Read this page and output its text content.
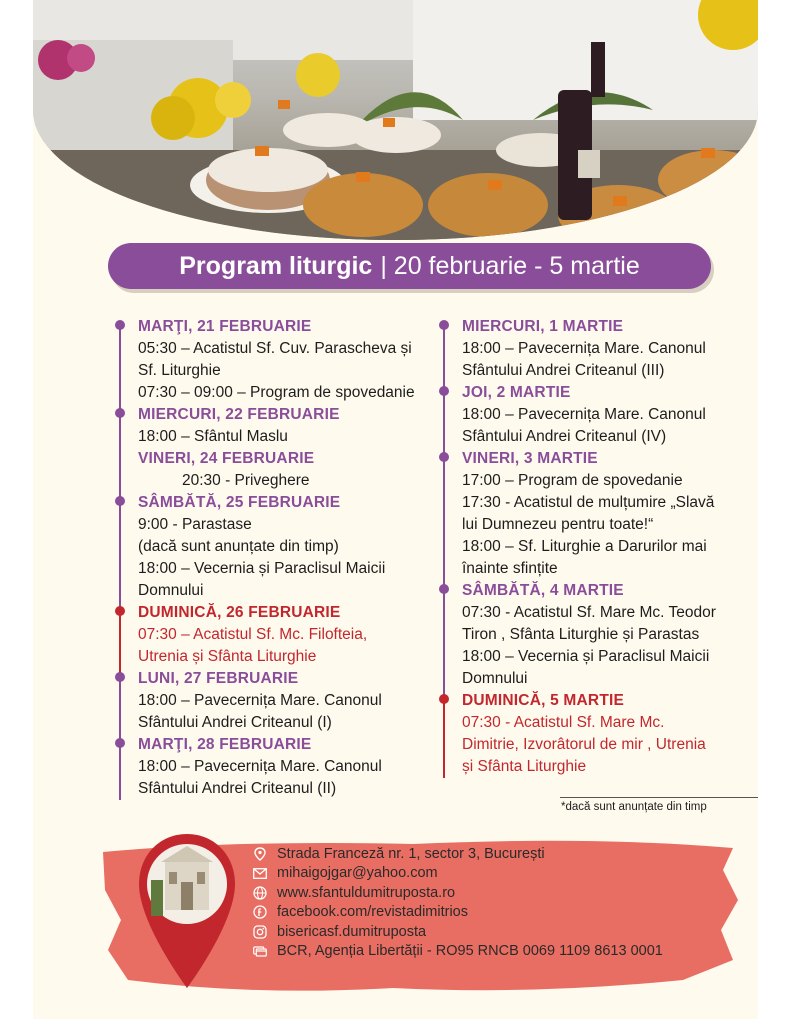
Program liturgic | 20 februarie - 5 martie
MARŢI, 21 FEBRUARIE

05:30 – Acatistul Sf. Cuv. Parascheva și

Sf. Liturghie

07:30 – 09:00 – Program de spovedanie

MIERCURI, 22 FEBRUARIE

18:00 – Sfântul Maslu

VINERI, 24 FEBRUARIE

20:30 - Priveghere

SÂMBĂTĂ, 25 FEBRUARIE

9:00 - Parastase

(dacă sunt anunțate din timp)

18:00 – Vecernia și Paraclisul Maicii

Domnului

DUMINICĂ, 26 FEBRUARIE

07:30 – Acatistul Sf. Mc. Filofteia,

Utrenia și Sfânta Liturghie

LUNI, 27 FEBRUARIE

18:00 – Pavecernița Mare. Canonul

Sfântului Andrei Criteanul (I)

MARŢI, 28 FEBRUARIE

18:00 – Pavecernița Mare. Canonul

Sfântului Andrei Criteanul (II)

MIERCURI, 1 MARTIE

18:00 – Pavecernița Mare. Canonul

Sfântului Andrei Criteanul (III)

JOI, 2 MARTIE

18:00 – Pavecernița Mare. Canonul

Sfântului Andrei Criteanul (IV)

VINERI, 3 MARTIE

17:00 – Program de spovedanie

17:30 - Acatistul de mulțumire „Slavă

lui Dumnezeu pentru toate!“

18:00 – Sf. Liturghie a Darurilor mai

înainte sfințite

SÂMBĂTĂ, 4 MARTIE

07:30 - Acatistul Sf. Mare Mc. Teodor

Tiron , Sfânta Liturghie și Parastas

18:00 – Vecernia și Paraclisul Maicii

Domnului

DUMINICĂ, 5 MARTIE

07:30 - Acatistul Sf. Mare Mc.

Dimitrie, Izvorâtorul de mir , Utrenia

și Sfânta Liturghie

*dacă sunt anunțate din timp
Strada Franceză nr. 1, sector 3, București
mihaigojgar@yahoo.com
www.sfantuldumitruposta.ro
facebook.com/revistadimitrios
bisericasf.dumitruposta
BCR, Agenția Libertății - RO95 RNCB 0069 1109 8613 0001
